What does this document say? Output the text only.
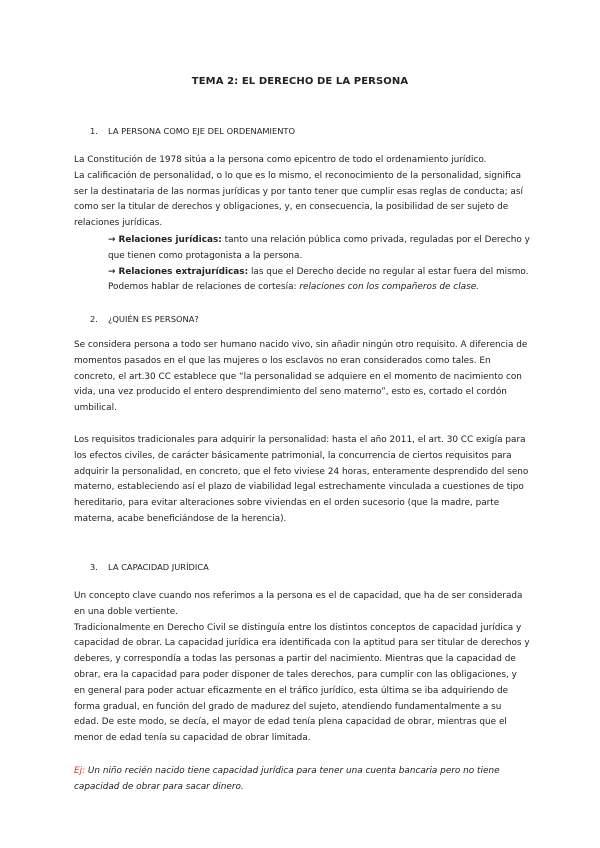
TEMA 2: EL DERECHO DE LA PERSONA
1. LA PERSONA COMO EJE DEL ORDENAMIENTO
La Constitución de 1978 sitúa a la persona como epicentro de todo el ordenamiento jurídico.
La calificación de personalidad, o lo que es lo mismo, el reconocimiento de la personalidad, significa
ser la destinataria de las normas jurídicas y por tanto tener que cumplir esas reglas de conducta; así
como ser la titular de derechos y obligaciones, y, en consecuencia, la posibilidad de ser sujeto de
relaciones jurídicas.
→ Relaciones jurídicas: tanto una relación pública como privada, reguladas por el Derecho y
que tienen como protagonista a la persona.
→ Relaciones extrajurídicas: las que el Derecho decide no regular al estar fuera del mismo.
Podemos hablar de relaciones de cortesía: relaciones con los compañeros de clase.
2. ¿QUIÉN ES PERSONA?
Se considera persona a todo ser humano nacido vivo, sin añadir ningún otro requisito. A diferencia de
momentos pasados en el que las mujeres o los esclavos no eran considerados como tales. En
concreto, el art.30 CC establece que “la personalidad se adquiere en el momento de nacimiento con
vida, una vez producido el entero desprendimiento del seno materno”, esto es, cortado el cordón
umbilical.
Los requisitos tradicionales para adquirir la personalidad: hasta el año 2011, el art. 30 CC exigía para
los efectos civiles, de carácter básicamente patrimonial, la concurrencia de ciertos requisitos para
adquirir la personalidad, en concreto, que el feto viviese 24 horas, enteramente desprendido del seno
materno, estableciendo así el plazo de viabilidad legal estrechamente vinculada a cuestiones de tipo
hereditario, para evitar alteraciones sobre viviendas en el orden sucesorio (que la madre, parte
materna, acabe beneficiándose de la herencia).
3. LA CAPACIDAD JURÍDICA
Un concepto clave cuando nos referimos a la persona es el de capacidad, que ha de ser considerada
en una doble vertiente.
Tradicionalmente en Derecho Civil se distinguía entre los distintos conceptos de capacidad jurídica y
capacidad de obrar. La capacidad jurídica era identificada con la aptitud para ser titular de derechos y
deberes, y correspondía a todas las personas a partir del nacimiento. Mientras que la capacidad de
obrar, era la capacidad para poder disponer de tales derechos, para cumplir con las obligaciones, y
en general para poder actuar eficazmente en el tráfico jurídico, esta última se iba adquiriendo de
forma gradual, en función del grado de madurez del sujeto, atendiendo fundamentalmente a su
edad. De este modo, se decía, el mayor de edad tenía plena capacidad de obrar, mientras que el
menor de edad tenía su capacidad de obrar limitada.
Ej: Un niño recién nacido tiene capacidad jurídica para tener una cuenta bancaria pero no tiene
capacidad de obrar para sacar dinero.
